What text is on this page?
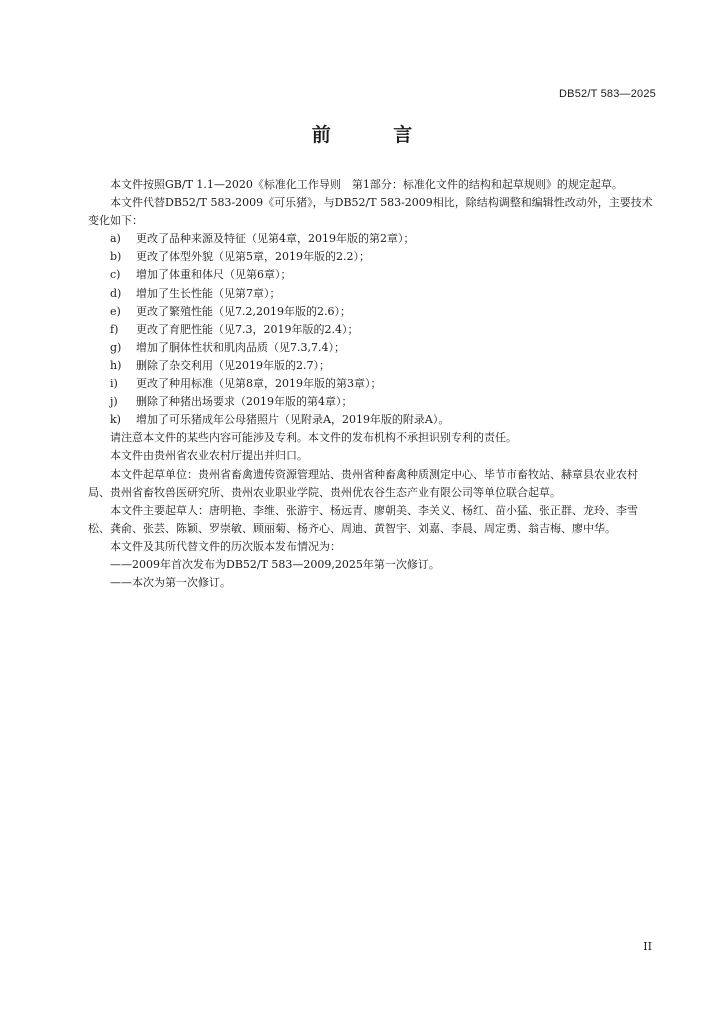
DB52/T 583—2025
前 言

本文件按照GB/T 1.1—2020《标准化工作导则　第1部分：标准化文件的结构和起草规则》的规定起草。

本文件代替DB52/T 583-2009《可乐猪》，与DB52/T 583-2009相比，除结构调整和编辑性改动外，主要技术变化如下：

a) 更改了品种来源及特征（见第4章，2019年版的第2章）；

b) 更改了体型外貌（见第5章，2019年版的2.2）；

c) 增加了体重和体尺（见第6章）；

d) 增加了生长性能（见第7章）；

e) 更改了繁殖性能（见7.2,2019年版的2.6）；

f) 更改了育肥性能（见7.3，2019年版的2.4）；

g) 增加了胴体性状和肌肉品质（见7.3,7.4）；

h) 删除了杂交利用（见2019年版的2.7）；

i) 更改了种用标准（见第8章，2019年版的第3章）；

j) 删除了种猪出场要求（2019年版的第4章）；

k) 增加了可乐猪成年公母猪照片（见附录A，2019年版的附录A）。

请注意本文件的某些内容可能涉及专利。本文件的发布机构不承担识别专利的责任。

本文件由贵州省农业农村厅提出并归口。

本文件起草单位：贵州省畜禽遗传资源管理站、贵州省种畜禽种质测定中心、毕节市畜牧站、赫章县农业农村局、贵州省畜牧兽医研究所、贵州农业职业学院、贵州优农谷生态产业有限公司等单位联合起草。

本文件主要起草人：唐明艳、李维、张游宇、杨远青、廖朝美、李关义、杨红、苗小猛、张正群、龙玲、李雪松、龚俞、张芸、陈颖、罗崇敏、顾丽菊、杨齐心、周迪、黄智宇、刘嘉、李晨、周定勇、翁吉梅、廖中华。

本文件及其所代替文件的历次版本发布情况为：

——2009年首次发布为DB52/T 583—2009,2025年第一次修订。

——本次为第一次修订。

II
